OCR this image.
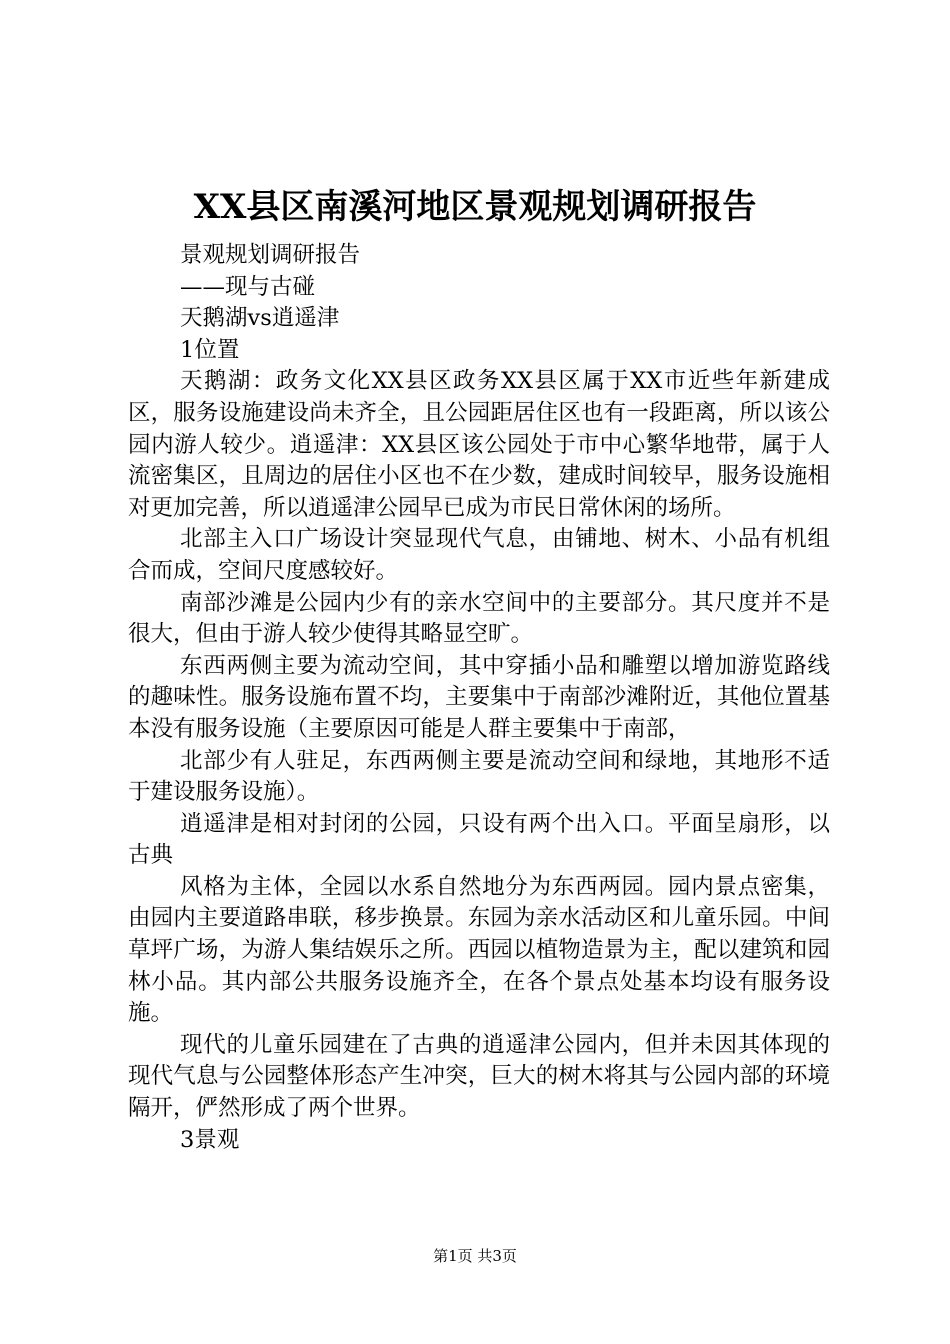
XX县区南溪河地区景观规划调研报告

景观规划调研报告

——现与古碰

天鹅湖vs逍遥津

1位置

天鹅湖：政务文化XX县区政务XX县区属于XX市近些年新建成区，服务设施建设尚未齐全，且公园距居住区也有一段距离，所以该公园内游人较少。逍遥津：XX县区该公园处于市中心繁华地带，属于人流密集区，且周边的居住小区也不在少数，建成时间较早，服务设施相对更加完善，所以逍遥津公园早已成为市民日常休闲的场所。

北部主入口广场设计突显现代气息，由铺地、树木、小品有机组合而成，空间尺度感较好。

南部沙滩是公园内少有的亲水空间中的主要部分。其尺度并不是很大，但由于游人较少使得其略显空旷。

东西两侧主要为流动空间，其中穿插小品和雕塑以增加游览路线的趣味性。服务设施布置不均，主要集中于南部沙滩附近，其他位置基本没有服务设施（主要原因可能是人群主要集中于南部，

北部少有人驻足，东西两侧主要是流动空间和绿地，其地形不适于建设服务设施）。

逍遥津是相对封闭的公园，只设有两个出入口。平面呈扇形，以古典

风格为主体，全园以水系自然地分为东西两园。园内景点密集，由园内主要道路串联，移步换景。东园为亲水活动区和儿童乐园。中间草坪广场，为游人集结娱乐之所。西园以植物造景为主，配以建筑和园林小品。其内部公共服务设施齐全，在各个景点处基本均设有服务设施。

现代的儿童乐园建在了古典的逍遥津公园内，但并未因其体现的现代气息与公园整体形态产生冲突，巨大的树木将其与公园内部的环境隔开，俨然形成了两个世界。

3景观

第1页 共3页
